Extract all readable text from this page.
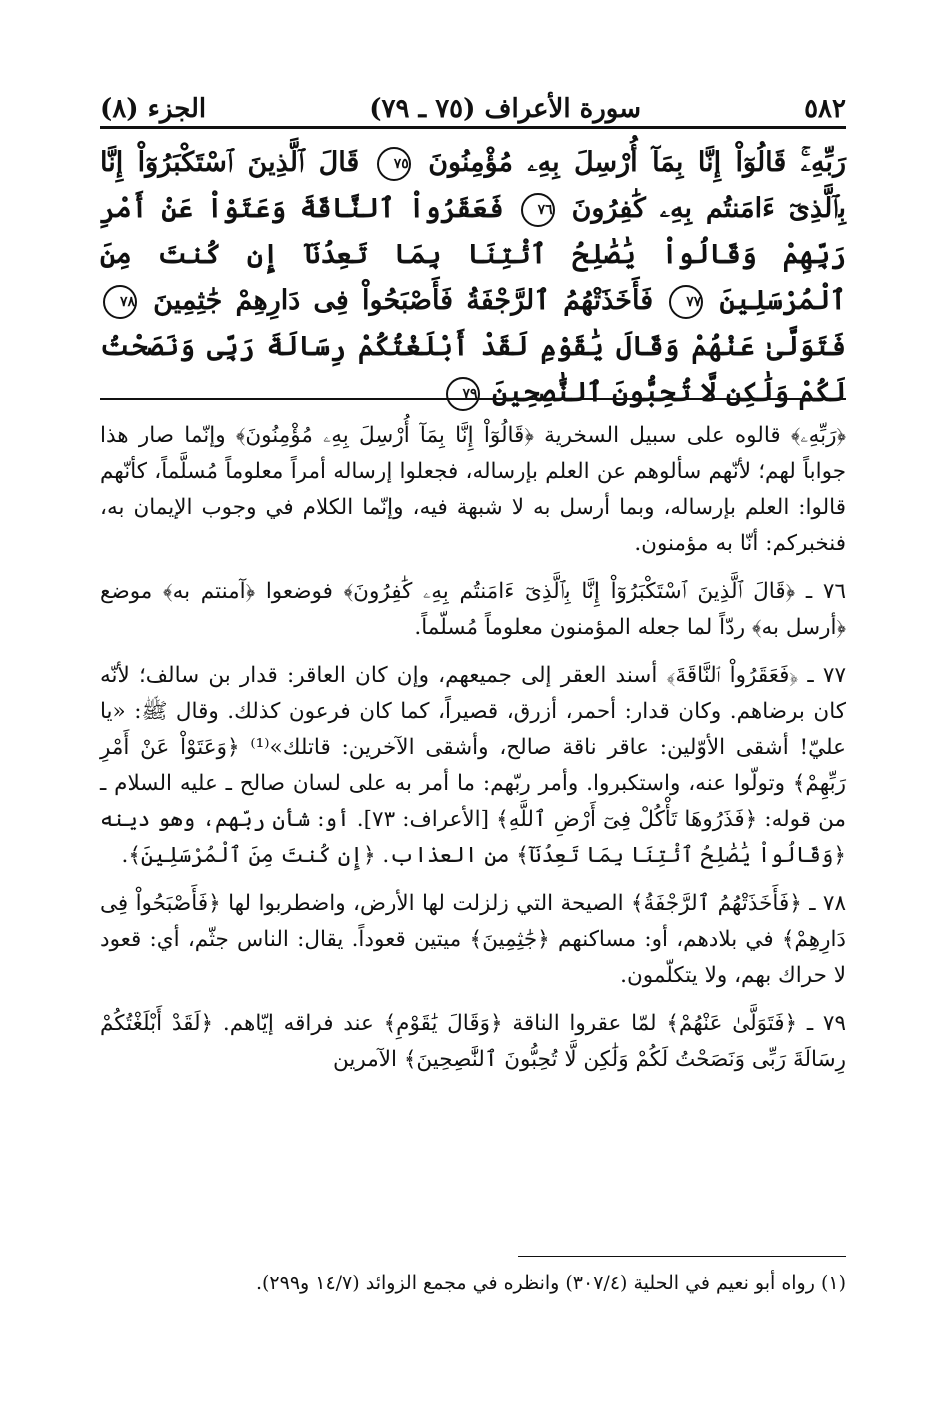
٥٨٢
سورة الأعراف (٧٥ ـ ٧٩)
الجزء (٨)
رَبِّهِۦۚ قَالُوٓاْ إِنَّا بِمَآ أُرْسِلَ بِهِۦ مُؤْمِنُونَ ٧٥ قَالَ ٱلَّذِينَ ٱسْتَكْبَرُوٓاْ إِنَّا بِٱلَّذِىٓ ءَامَنتُم بِهِۦ كَٰفِرُونَ ٧٦ فَعَقَرُواْ ٱلنَّاقَةَ وَعَتَوْاْ عَنْ أَمْرِ رَبِّهِمْ وَقَالُواْ يَٰصَٰلِحُ ٱئْتِنَا بِمَا تَعِدُنَآ إِن كُنتَ مِنَ ٱلْمُرْسَلِينَ ٧٧ فَأَخَذَتْهُمُ ٱلرَّجْفَةُ فَأَصْبَحُواْ فِى دَارِهِمْ جَٰثِمِينَ ٧٨ فَتَوَلَّىٰ عَنْهُمْ وَقَالَ يَٰقَوْمِ لَقَدْ أَبْلَغْتُكُمْ رِسَالَةَ رَبِّى وَنَصَحْتُ لَكُمْ وَلَٰكِن لَّا تُحِبُّونَ ٱلنَّٰصِحِينَ ٧٩

﴿رَبِّهِۦ﴾ قالوه على سبيل السخرية ﴿قَالُوٓاْ إِنَّا بِمَآ أُرْسِلَ بِهِۦ مُؤْمِنُونَ﴾ وإنّما صار هذا جواباً لهم؛ لأنّهم سألوهم عن العلم بإرساله، فجعلوا إرساله أمراً معلوماً مُسلَّماً، كأنّهم قالوا: العلم بإرساله، وبما أرسل به لا شبهة فيه، وإنّما الكلام في وجوب الإيمان به، فنخبركم: أنّا به مؤمنون.

٧٦ ـ ﴿قَالَ ٱلَّذِينَ ٱسْتَكْبَرُوٓاْ إِنَّا بِٱلَّذِىٓ ءَامَنتُم بِهِۦ كَٰفِرُونَ﴾ فوضعوا ﴿آمنتم به﴾ موضع ﴿أرسل به﴾ ردّاً لما جعله المؤمنون معلوماً مُسلّماً.

٧٧ ـ ﴿فَعَقَرُواْ ٱلنَّاقَةَ﴾ أسند العقر إلى جميعهم، وإن كان العاقر: قدار بن سالف؛ لأنّه كان برضاهم. وكان قدار: أحمر، أزرق، قصيراً، كما كان فرعون كذلك. وقال ﷺ: «يا عليّ! أشقى الأوّلين: عاقر ناقة صالح، وأشقى الآخرين: قاتلك»⁽¹⁾ ﴿وَعَتَوْاْ عَنْ أَمْرِ رَبِّهِمْ﴾ وتولّوا عنه، واستكبروا. وأمر ربّهم: ما أمر به على لسان صالح ـ عليه السلام ـ من قوله: ﴿فَذَرُوهَا تَأْكُلْ فِىٓ أَرْضِ ٱللَّهِ﴾ [الأعراف: ٧٣]. أو: شأن ربّهم، وهو دينه ﴿وَقَالُواْ يَٰصَٰلِحُ ٱئْتِنَا بِمَا تَعِدُنَآ﴾ من العذاب. ﴿إِن كُنتَ مِنَ ٱلْمُرْسَلِينَ﴾.

٧٨ ـ ﴿فَأَخَذَتْهُمُ ٱلرَّجْفَةُ﴾ الصيحة التي زلزلت لها الأرض، واضطربوا لها ﴿فَأَصْبَحُواْ فِى دَارِهِمْ﴾ في بلادهم، أو: مساكنهم ﴿جَٰثِمِينَ﴾ ميتين قعوداً. يقال: الناس جثّم، أي: قعود لا حراك بهم، ولا يتكلّمون.

٧٩ ـ ﴿فَتَوَلَّىٰ عَنْهُمْ﴾ لمّا عقروا الناقة ﴿وَقَالَ يَٰقَوْمِ﴾ عند فراقه إيّاهم. ﴿لَقَدْ أَبْلَغْتُكُمْ رِسَالَةَ رَبِّى وَنَصَحْتُ لَكُمْ وَلَٰكِن لَّا تُحِبُّونَ ٱلنَّٰصِحِينَ﴾ الآمرين

(١) رواه أبو نعيم في الحلية (٣٠٧/٤) وانظره في مجمع الزوائد (١٤/٧ و٢٩٩).
